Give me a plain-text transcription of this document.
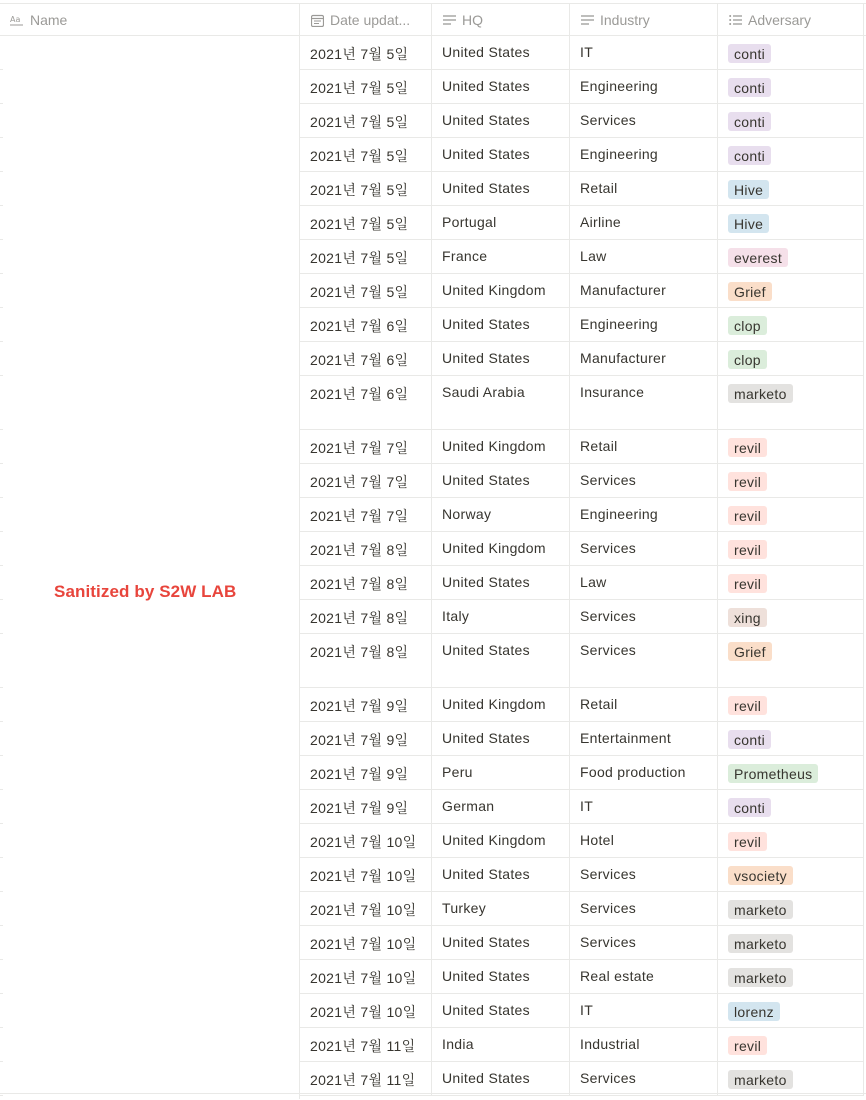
Aa Name	Date updat...	HQ	Industry	Adversary
Sanitized by S2W LAB
2021년 7월 5일	United States	IT	conti
2021년 7월 5일	United States	Engineering	conti
2021년 7월 5일	United States	Services	conti
2021년 7월 5일	United States	Engineering	conti
2021년 7월 5일	United States	Retail	Hive
2021년 7월 5일	Portugal	Airline	Hive
2021년 7월 5일	France	Law	everest
2021년 7월 5일	United Kingdom	Manufacturer	Grief
2021년 7월 6일	United States	Engineering	clop
2021년 7월 6일	United States	Manufacturer	clop
2021년 7월 6일	Saudi Arabia	Insurance	marketo
2021년 7월 7일	United Kingdom	Retail	revil
2021년 7월 7일	United States	Services	revil
2021년 7월 7일	Norway	Engineering	revil
2021년 7월 8일	United Kingdom	Services	revil
2021년 7월 8일	United States	Law	revil
2021년 7월 8일	Italy	Services	xing
2021년 7월 8일	United States	Services	Grief
2021년 7월 9일	United Kingdom	Retail	revil
2021년 7월 9일	United States	Entertainment	conti
2021년 7월 9일	Peru	Food production	Prometheus
2021년 7월 9일	German	IT	conti
2021년 7월 10일	United Kingdom	Hotel	revil
2021년 7월 10일	United States	Services	vsociety
2021년 7월 10일	Turkey	Services	marketo
2021년 7월 10일	United States	Services	marketo
2021년 7월 10일	United States	Real estate	marketo
2021년 7월 10일	United States	IT	lorenz
2021년 7월 11일	India	Industrial	revil
2021년 7월 11일	United States	Services	marketo
